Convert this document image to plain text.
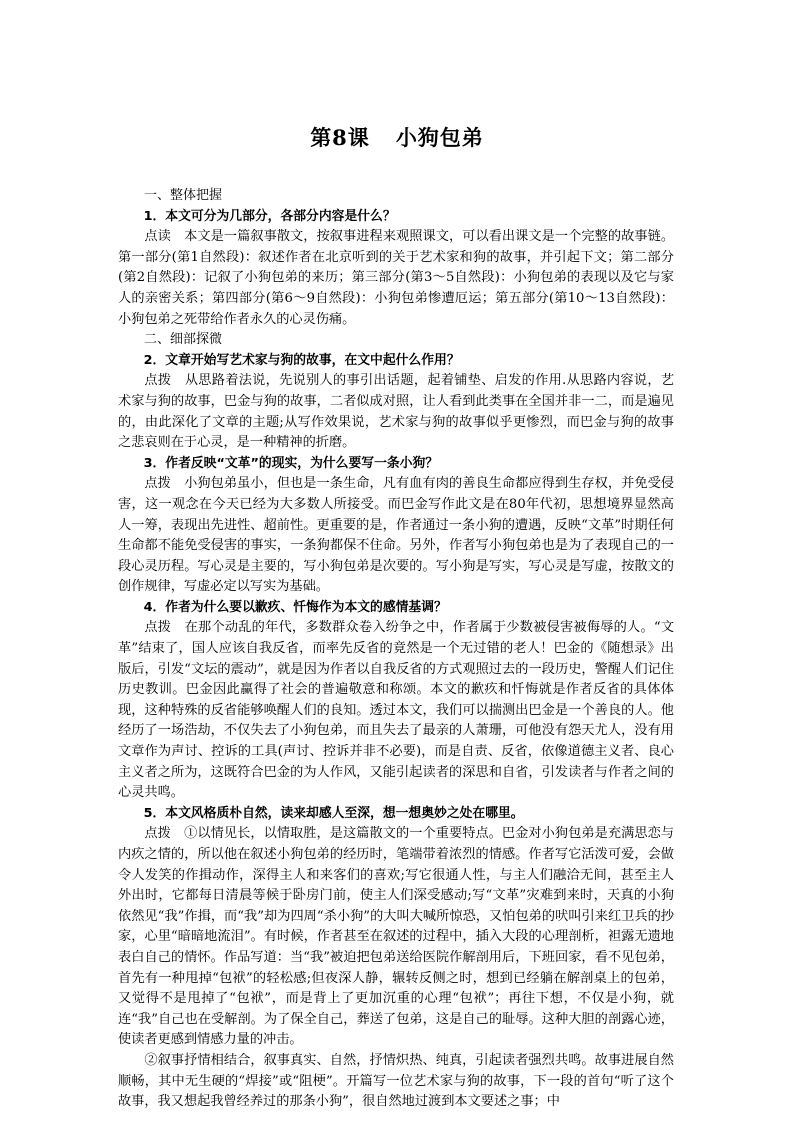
第8课 小狗包弟

一、整体把握

1．本文可分为几部分，各部分内容是什么？

点读　 本文是一篇叙事散文，按叙事进程来观照课文，可以看出课文是一个完整的故事链。第一部分(第1自然段)：叙述作者在北京听到的关于艺术家和狗的故事，并引起下文；第二部分(第2自然段)：记叙了小狗包弟的来历；第三部分(第3～5自然段)：小狗包弟的表现以及它与家人的亲密关系；第四部分(第6～9自然段)：小狗包弟惨遭厄运；第五部分(第10～13自然段)：小狗包弟之死带给作者永久的心灵伤痛。

二、细部探微

2．文章开始写艺术家与狗的故事，在文中起什么作用？

点拨　 从思路着法说，先说别人的事引出话题，起着铺垫、启发的作用.从思路内容说，艺术家与狗的故事，巴金与狗的故事，二者似成对照，让人看到此类事在全国并非一二，而是遍见的，由此深化了文章的主题;从写作效果说，艺术家与狗的故事似乎更惨烈，而巴金与狗的故事之悲哀则在于心灵，是一种精神的折磨。

3．作者反映“文革”的现实，为什么要写一条小狗？

点拨　 小狗包弟虽小，但也是一条生命，凡有血有肉的善良生命都应得到生存权，并免受侵害，这一观念在今天已经为大多数人所接受。而巴金写作此文是在80年代初，思想境界显然高人一筹，表现出先进性、超前性。更重要的是，作者通过一条小狗的遭遇，反映“文革”时期任何生命都不能免受侵害的事实，一条狗都保不住命。另外，作者写小狗包弟也是为了表现自己的一段心灵历程。写心灵是主要的，写小狗包弟是次要的。写小狗是写实，写心灵是写虚，按散文的创作规律，写虚必定以写实为基础。

4．作者为什么要以歉疚、忏悔作为本文的感情基调？

点拨　 在那个动乱的年代，多数群众卷入纷争之中，作者属于少数被侵害被侮辱的人。“文革”结束了，国人应该自我反省，而率先反省的竟然是一个无过错的老人！巴金的《随想录》出版后，引发“文坛的震动”，就是因为作者以自我反省的方式观照过去的一段历史，警醒人们记住历史教训。巴金因此赢得了社会的普遍敬意和称颂。本文的歉疚和忏悔就是作者反省的具体体现，这种特殊的反省能够唤醒人们的良知。透过本文，我们可以揣测出巴金是一个善良的人。他经历了一场浩劫，不仅失去了小狗包弟，而且失去了最亲的人萧珊，可他没有怨天尤人，没有用文章作为声讨、控诉的工具(声讨、控诉并非不必要)，而是自责、反省，依像道德主义者、良心主义者之所为，这既符合巴金的为人作风，又能引起读者的深思和自省，引发读者与作者之间的心灵共鸣。

5．本文风格质朴自然，读来却感人至深，想一想奥妙之处在哪里。

点拨　 ①以情见长，以情取胜，是这篇散文的一个重要特点。巴金对小狗包弟是充满思恋与内疚之情的，所以他在叙述小狗包弟的经历时，笔端带着浓烈的情感。作者写它活泼可爱，会做令人发笑的作揖动作，深得主人和来客们的喜欢;写它很通人性，与主人们融洽无间，甚至主人外出时，它都每日清晨等候于卧房门前，使主人们深受感动;写“文革”灾难到来时，天真的小狗依然见“我”作揖，而“我”却为四周“杀小狗”的大叫大喊所惊恐，又怕包弟的吠叫引来红卫兵的抄家，心里“暗暗地流泪”。有时候，作者甚至在叙述的过程中，插入大段的心理剖析，袒露无遗地表白自己的情怀。作品写道：当“我”被迫把包弟送给医院作解剖用后，下班回家，看不见包弟，首先有一种甩掉“包袱”的轻松感;但夜深人静，辗转反侧之时，想到已经躺在解剖桌上的包弟，又觉得不是甩掉了“包袱”，而是背上了更加沉重的心理“包袱”；再往下想，不仅是小狗，就连“我”自己也在受解剖。为了保全自己，葬送了包弟，这是自己的耻辱。这种大胆的剖露心迹，使读者更感到情感力量的冲击。

②叙事抒情相结合，叙事真实、自然，抒情炽热、纯真，引起读者强烈共鸣。故事进展自然顺畅，其中无生硬的“焊接”或“阻梗”。开篇写一位艺术家与狗的故事，下一段的首句“听了这个故事，我又想起我曾经养过的那条小狗”，很自然地过渡到本文要述之事；中
